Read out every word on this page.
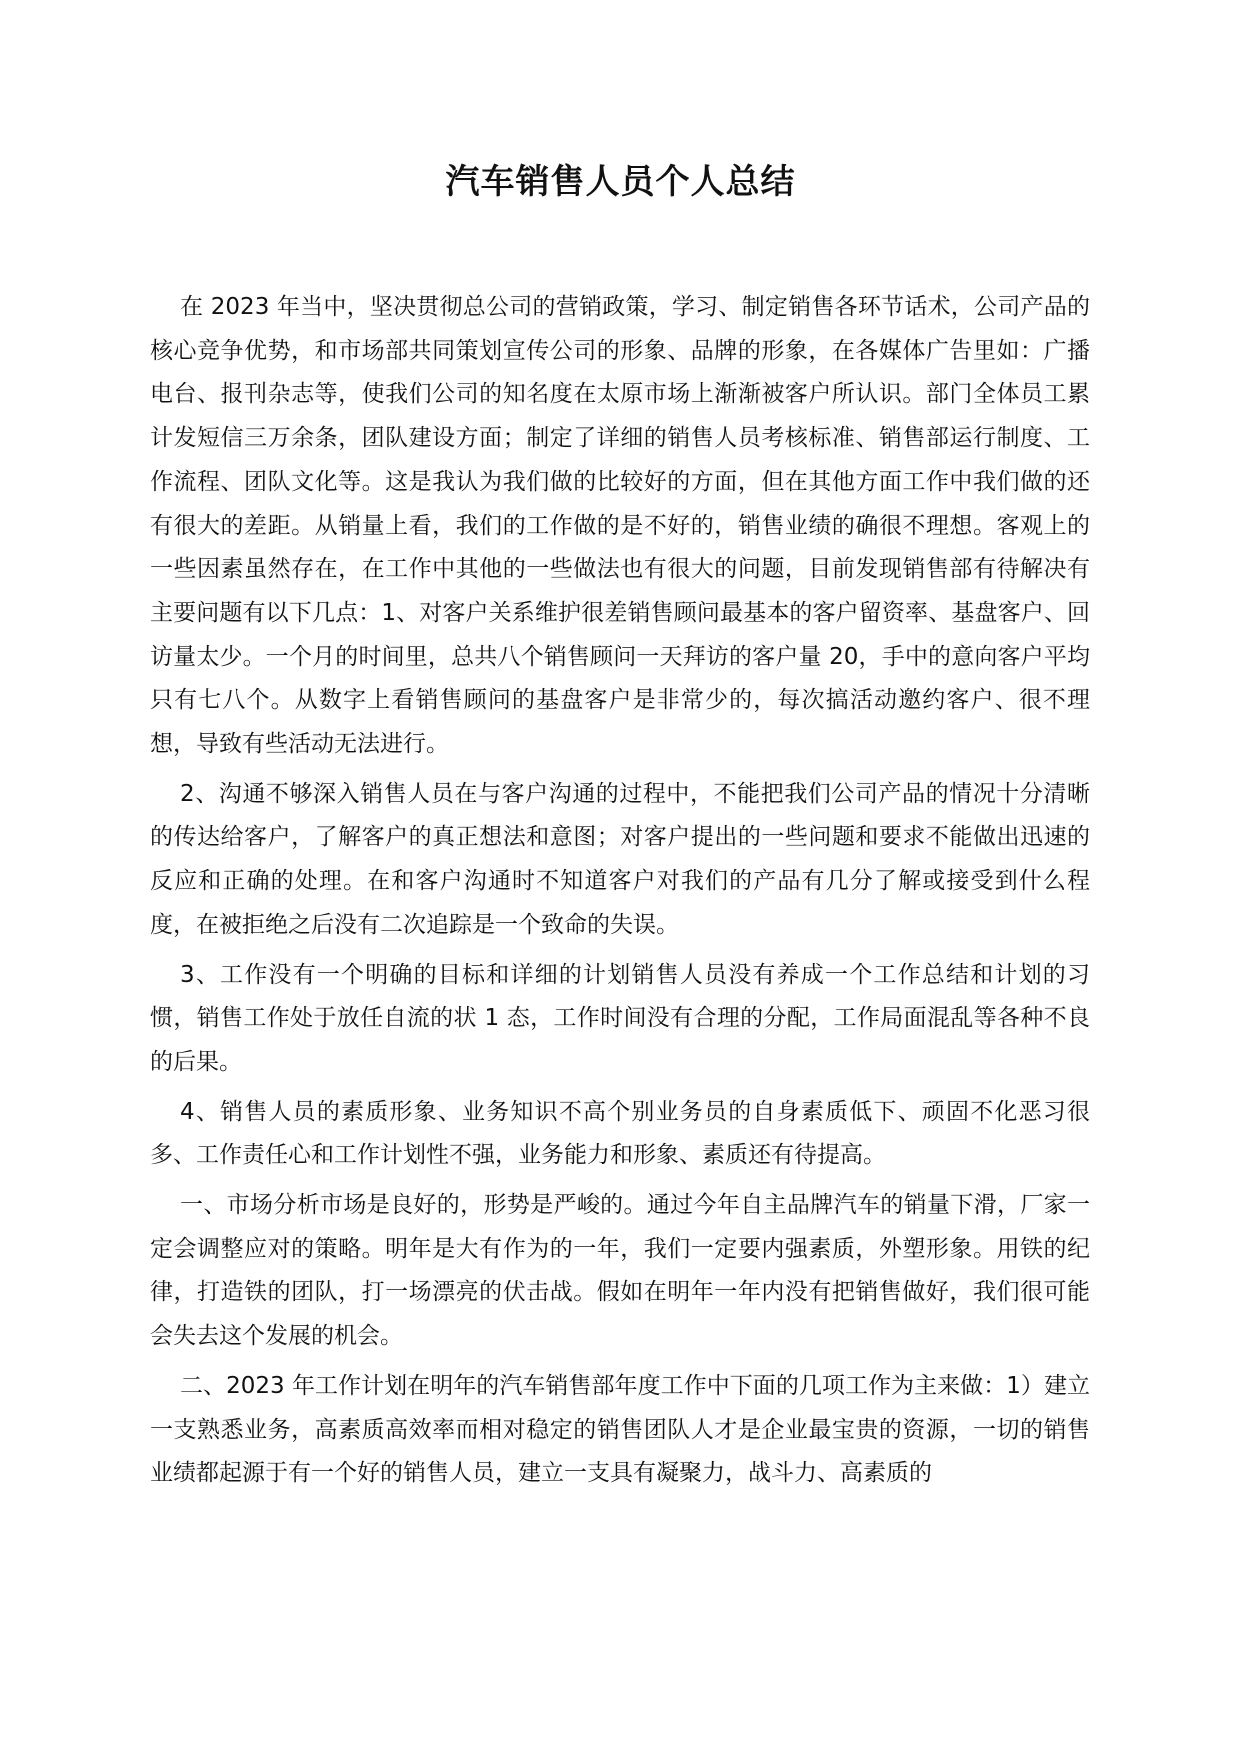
汽车销售人员个人总结

在 2023 年当中，坚决贯彻总公司的营销政策，学习、制定销售各环节话术，公司产品的核心竞争优势，和市场部共同策划宣传公司的形象、品牌的形象，在各媒体广告里如：广播电台、报刊杂志等，使我们公司的知名度在太原市场上渐渐被客户所认识。部门全体员工累计发短信三万余条，团队建设方面；制定了详细的销售人员考核标准、销售部运行制度、工作流程、团队文化等。这是我认为我们做的比较好的方面，但在其他方面工作中我们做的还有很大的差距。从销量上看，我们的工作做的是不好的，销售业绩的确很不理想。客观上的一些因素虽然存在，在工作中其他的一些做法也有很大的问题，目前发现销售部有待解决有主要问题有以下几点：1、对客户关系维护很差销售顾问最基本的客户留资率、基盘客户、回访量太少。一个月的时间里，总共八个销售顾问一天拜访的客户量 20，手中的意向客户平均只有七八个。从数字上看销售顾问的基盘客户是非常少的，每次搞活动邀约客户、很不理想，导致有些活动无法进行。

2、沟通不够深入销售人员在与客户沟通的过程中，不能把我们公司产品的情况十分清晰的传达给客户，了解客户的真正想法和意图；对客户提出的一些问题和要求不能做出迅速的反应和正确的处理。在和客户沟通时不知道客户对我们的产品有几分了解或接受到什么程度，在被拒绝之后没有二次追踪是一个致命的失误。

3、工作没有一个明确的目标和详细的计划销售人员没有养成一个工作总结和计划的习惯，销售工作处于放任自流的状 1 态，工作时间没有合理的分配，工作局面混乱等各种不良的后果。

4、销售人员的素质形象、业务知识不高个别业务员的自身素质低下、顽固不化恶习很多、工作责任心和工作计划性不强，业务能力和形象、素质还有待提高。

一、市场分析市场是良好的，形势是严峻的。通过今年自主品牌汽车的销量下滑，厂家一定会调整应对的策略。明年是大有作为的一年，我们一定要内强素质，外塑形象。用铁的纪律，打造铁的团队，打一场漂亮的伏击战。假如在明年一年内没有把销售做好，我们很可能会失去这个发展的机会。

二、2023 年工作计划在明年的汽车销售部年度工作中下面的几项工作为主来做：1）建立一支熟悉业务，高素质高效率而相对稳定的销售团队人才是企业最宝贵的资源，一切的销售业绩都起源于有一个好的销售人员，建立一支具有凝聚力，战斗力、高素质的
